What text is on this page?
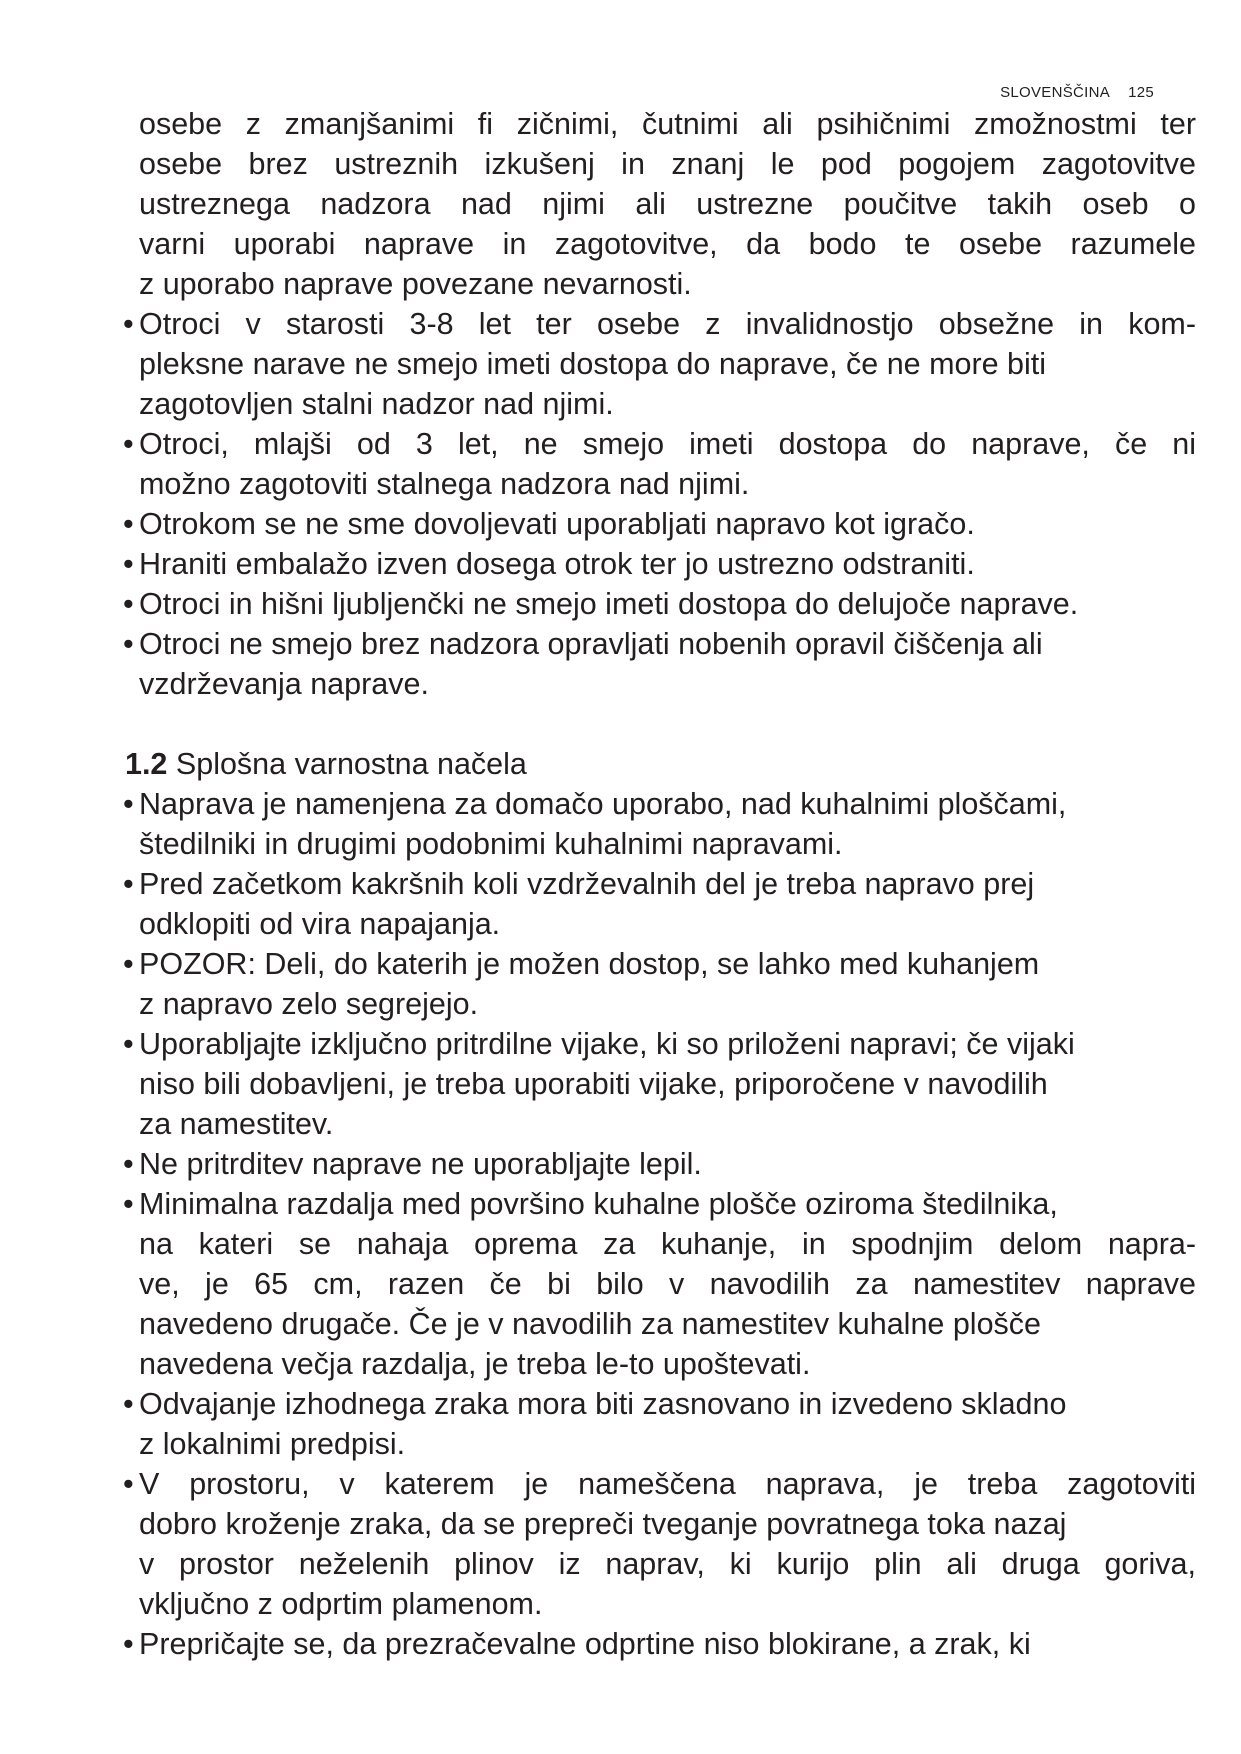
SLOVENŠČINA 125
osebe z zmanjšanimi fi zičnimi, čutnimi ali psihičnimi zmožnostmi ter
osebe brez ustreznih izkušenj in znanj le pod pogojem zagotovitve
ustreznega nadzora nad njimi ali ustrezne poučitve takih oseb o
varni uporabi naprave in zagotovitve, da bodo te osebe razumele
z uporabo naprave povezane nevarnosti.
• Otroci v starosti 3-8 let ter osebe z invalidnostjo obsežne in kom-
pleksne narave ne smejo imeti dostopa do naprave, če ne more biti
zagotovljen stalni nadzor nad njimi.
• Otroci, mlajši od 3 let, ne smejo imeti dostopa do naprave, če ni
možno zagotoviti stalnega nadzora nad njimi.
• Otrokom se ne sme dovoljevati uporabljati napravo kot igračo.
• Hraniti embalažo izven dosega otrok ter jo ustrezno odstraniti.
• Otroci in hišni ljubljenčki ne smejo imeti dostopa do delujoče naprave.
• Otroci ne smejo brez nadzora opravljati nobenih opravil čiščenja ali
vzdrževanja naprave.

1.2 Splošna varnostna načela

• Naprava je namenjena za domačo uporabo, nad kuhalnimi ploščami,
štedilniki in drugimi podobnimi kuhalnimi napravami.
• Pred začetkom kakršnih koli vzdrževalnih del je treba napravo prej
odklopiti od vira napajanja.
• POZOR: Deli, do katerih je možen dostop, se lahko med kuhanjem
z napravo zelo segrejejo.
• Uporabljajte izključno pritrdilne vijake, ki so priloženi napravi; če vijaki
niso bili dobavljeni, je treba uporabiti vijake, priporočene v navodilih
za namestitev.
• Ne pritrditev naprave ne uporabljajte lepil.
• Minimalna razdalja med površino kuhalne plošče oziroma štedilnika,
na kateri se nahaja oprema za kuhanje, in spodnjim delom napra-
ve, je 65 cm, razen če bi bilo v navodilih za namestitev naprave
navedeno drugače. Če je v navodilih za namestitev kuhalne plošče
navedena večja razdalja, je treba le-to upoštevati.
• Odvajanje izhodnega zraka mora biti zasnovano in izvedeno skladno
z lokalnimi predpisi.
• V prostoru, v katerem je nameščena naprava, je treba zagotoviti
dobro kroženje zraka, da se prepreči tveganje povratnega toka nazaj
v prostor neželenih plinov iz naprav, ki kurijo plin ali druga goriva,
vključno z odprtim plamenom.
• Prepričajte se, da prezračevalne odprtine niso blokirane, a zrak, ki
